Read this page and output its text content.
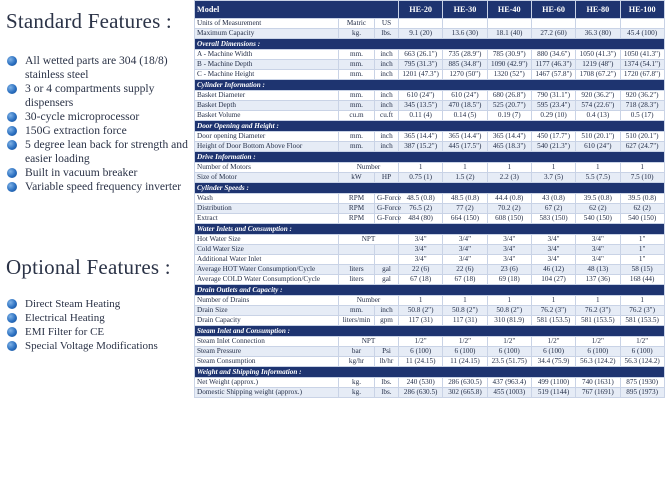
Standard Features :
All wetted parts are 304 (18/8) stainless steel
3 or 4 compartments supply dispensers
30-cycle microprocessor
150G extraction force
5 degree lean back for strength and easier loading
Built in vacuum breaker
Variable speed frequency inverter
Optional Features :
Direct Steam Heating
Electrical Heating
EMI Filter for CE
Special Voltage Modifications
Model			HE-20	HE-30	HE-40	HE-60	HE-80	HE-100
Units of Measurement	Matric	US						
Maximum Capacity	kg.	lbs.	9.1 (20)	13.6 (30)	18.1 (40)	27.2 (60)	36.3 (80)	45.4 (100)
Overall Dimensions :								
A - Machine Width	mm.	inch	663 (26.1")	735 (28.9")	785 (30.9")	880 (34.6")	1050 (41.3")	1050 (41.3")
B - Machine Depth	mm.	inch	795 (31.3")	885 (34.8")	1090 (42.9")	1177 (46.3")	1219 (48")	1374 (54.1")
C - Machine Height	mm.	inch	1201 (47.3")	1270 (50")	1320 (52")	1467 (57.8")	1708 (67.2")	1720 (67.8")
Cylinder Information :								
Basket Diameter	mm.	inch	610 (24")	610 (24")	680 (26.8")	790 (31.1")	920 (36.2")	920 (36.2")
Basket Depth	mm.	inch	345 (13.5")	470 (18.5")	525 (20.7")	595 (23.4")	574 (22.6")	718 (28.3")
Basket Volume	cu.m	cu.ft	0.11 (4)	0.14 (5)	0.19 (7)	0.29 (10)	0.4 (13)	0.5 (17)
Door Opening and Height :								
Door opening Diameter	mm.	inch	365 (14.4")	365 (14.4")	365 (14.4")	450 (17.7")	510 (20.1")	510 (20.1")
Height of Door Bottom Above Floor	mm.	inch	387 (15.2")	445 (17.5")	465 (18.3")	540 (21.3")	610 (24")	627 (24.7")
Drive Information :								
Number of Motors	Number		1	1	1	1	1	1
Size of Motor	kW	HP	0.75 (1)	1.5 (2)	2.2 (3)	3.7 (5)	5.5 (7.5)	7.5 (10)
Cylinder Speeds :								
Wash	RPM	G-Force	48.5 (0.8)	48.5 (0.8)	44.4 (0.8)	43 (0.8)	39.5 (0.8)	39.5 (0.8)
Distribution	RPM	G-Force	76.5 (2)	77 (2)	70.2 (2)	67 (2)	62 (2)	62 (2)
Extract	RPM	G-Force	484 (80)	664 (150)	608 (150)	583 (150)	540 (150)	540 (150)
Water Inlets and Consumption :								
Hot Water Size	NPT		3/4"	3/4"	3/4"	3/4"	3/4"	1"
Cold Water Size			3/4"	3/4"	3/4"	3/4"	3/4"	1"
Additional Water Inlet			3/4"	3/4"	3/4"	3/4"	3/4"	1"
Average HOT Water Consumption/Cycle	liters	gal	22 (6)	22 (6)	23 (6)	46 (12)	48 (13)	58 (15)
Average COLD Water Consumption/Cycle	liters	gal	67 (18)	67 (18)	69 (18)	104 (27)	137 (36)	168 (44)
Drain Outlets and Capacity :								
Number of Drains	Number		1	1	1	1	1	1
Drain Size	mm.	inch	50.8 (2")	50.8 (2")	50.8 (2")	76.2 (3")	76.2 (3")	76.2 (3")
Drain Capacity	liters/min	gpm	117 (31)	117 (31)	310 (81.9)	581 (153.5)	581 (153.5)	581 (153.5)
Steam Inlet and Consumption :								
Steam Inlet Connection	NPT		1/2"	1/2"	1/2"	1/2"	1/2"	1/2"
Steam Pressure	bar	Psi	6 (100)	6 (100)	6 (100)	6 (100)	6 (100)	6 (100)
Steam Consumption	kg/hr	lb/hr	11 (24.15)	11 (24.15)	23.5 (51.75)	34.4 (75.9)	56.3 (124.2)	56.3 (124.2)
Weight and Shipping Information :								
Net Weight (approx.)	kg.	lbs.	240 (530)	286 (630.5)	437 (963.4)	499 (1100)	740 (1631)	875 (1930)
Domestic Shipping weight (approx.)	kg.	lbs.	286 (630.5)	302 (665.8)	455 (1003)	519 (1144)	767 (1691)	895 (1973)
